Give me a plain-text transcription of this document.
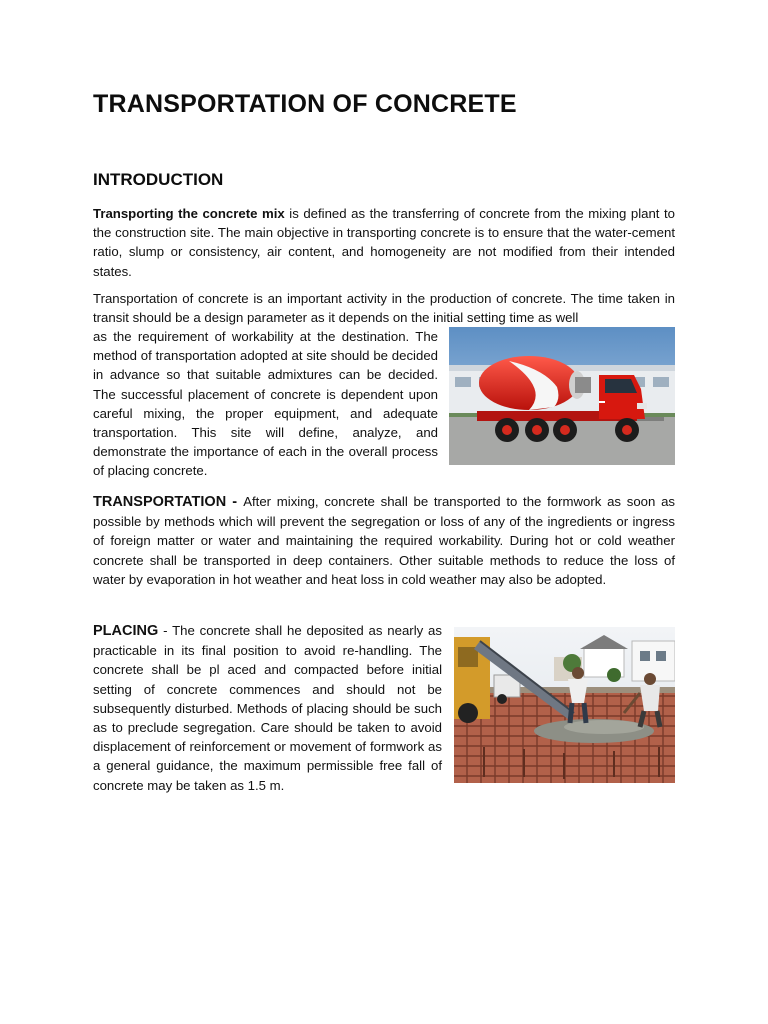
TRANSPORTATION OF CONCRETE
INTRODUCTION

Transporting the concrete mix is defined as the transferring of concrete from the mixing plant to the construction site. The main objective in transporting concrete is to ensure that the water-cement ratio, slump or consistency, air content, and homogeneity are not modified from their intended states.

Transportation of concrete is an important activity in the production of concrete. The time taken in transit should be a design parameter as it depends on the initial setting time as well

as the requirement of workability at the destination. The method of transportation adopted at site should be decided in advance so that suitable admixtures can be decided. The successful placement of concrete is dependent upon careful mixing, the proper equipment, and adequate transportation. This site will define, analyze, and demonstrate the importance of each in the overall process of placing concrete.

TRANSPORTATION - After mixing, concrete shall be transported to the formwork as soon as possible by methods which will prevent the segregation or loss of any of the ingredients or ingress of foreign matter or water and maintaining the required workability. During hot or cold weather concrete shall be transported in deep containers. Other suitable methods to reduce the loss of water by evaporation in hot weather and heat loss in cold weather may also be adopted.

PLACING - The concrete shall he deposited as nearly as practicable in its final position to avoid re-handling. The concrete shall be pl aced and compacted before initial setting of concrete commences and should not be subsequently disturbed. Methods of placing should be such as to preclude segregation. Care should be taken to avoid displacement of reinforcement or movement of formwork as a general guidance, the maximum permissible free fall of concrete may be taken as 1.5 m.
